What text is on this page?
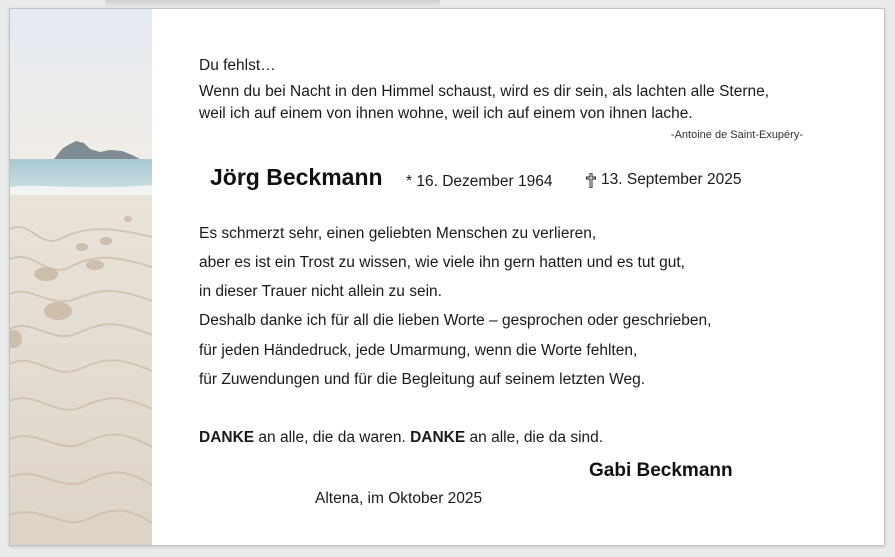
Du fehlst…
Wenn du bei Nacht in den Himmel schaust, wird es dir sein, als lachten alle Sterne,
weil ich auf einem von ihnen wohne, weil ich auf einem von ihnen lache.
-Antoine de Saint-Exupéry-
Jörg Beckmann * 16. Dezember 1964	13. September 2025
Es schmerzt sehr, einen geliebten Menschen zu verlieren,
aber es ist ein Trost zu wissen, wie viele ihn gern hatten und es tut gut,
in dieser Trauer nicht allein zu sein.
Deshalb danke ich für all die lieben Worte – gesprochen oder geschrieben,
für jeden Händedruck, jede Umarmung, wenn die Worte fehlten,
für Zuwendungen und für die Begleitung auf seinem letzten Weg.
DANKE an alle, die da waren. DANKE an alle, die da sind.
Gabi Beckmann
Altena, im Oktober 2025
